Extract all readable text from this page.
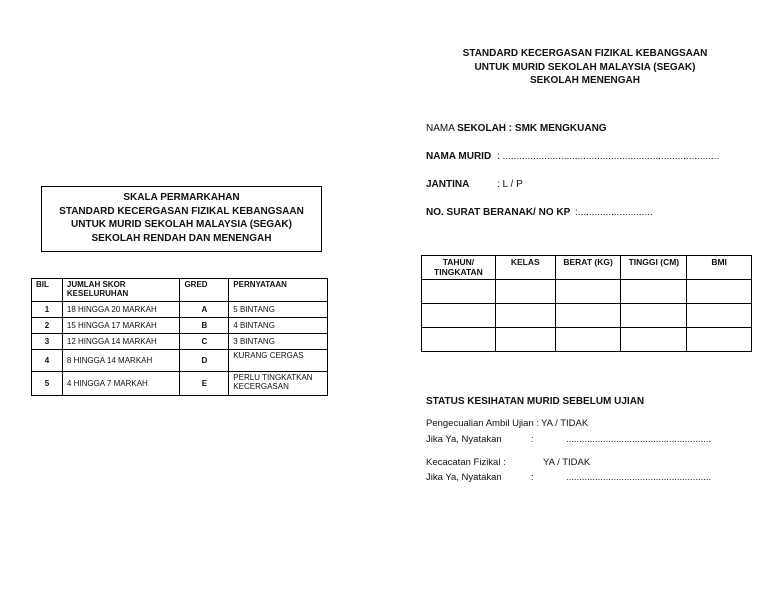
SKALA PERMARKAHAN
STANDARD KECERGASAN FIZIKAL KEBANGSAAN
UNTUK MURID SEKOLAH MALAYSIA (SEGAK)
SEKOLAH RENDAH DAN MENENGAH
BIL	JUMLAH SKOR KESELURUHAN	GRED	PERNYATAAN
1	18 HINGGA 20 MARKAH	A	5 BINTANG
2	15 HINGGA 17 MARKAH	B	4 BINTANG
3	12 HINGGA 14 MARKAH	C	3 BINTANG
4	8 HINGGA 14 MARKAH	D	KURANG CERGAS
5	4 HINGGA 7 MARKAH	E	PERLU TINGKATKAN KECERGASAN
STANDARD KECERGASAN FIZIKAL KEBANGSAAN
UNTUK MURID SEKOLAH MALAYSIA (SEGAK)
SEKOLAH MENENGAH
NAMA SEKOLAH : SMK MENGKUANG
NAMA MURID : ..............................................................................
JANTINA	: L / P
NO. SURAT BERANAK/ NO KP :...........................
TAHUN/ TINGKATAN	KELAS	BERAT (KG)	TINGGI (CM)	BMI

STATUS KESIHATAN MURID SEBELUM UJIAN
Pengecualian Ambil Ujian : YA / TIDAK
Jika Ya, Nyatakan	:	.......................................................
Kecacatan Fizikal :	YA / TIDAK
Jika Ya, Nyatakan	:	.......................................................
